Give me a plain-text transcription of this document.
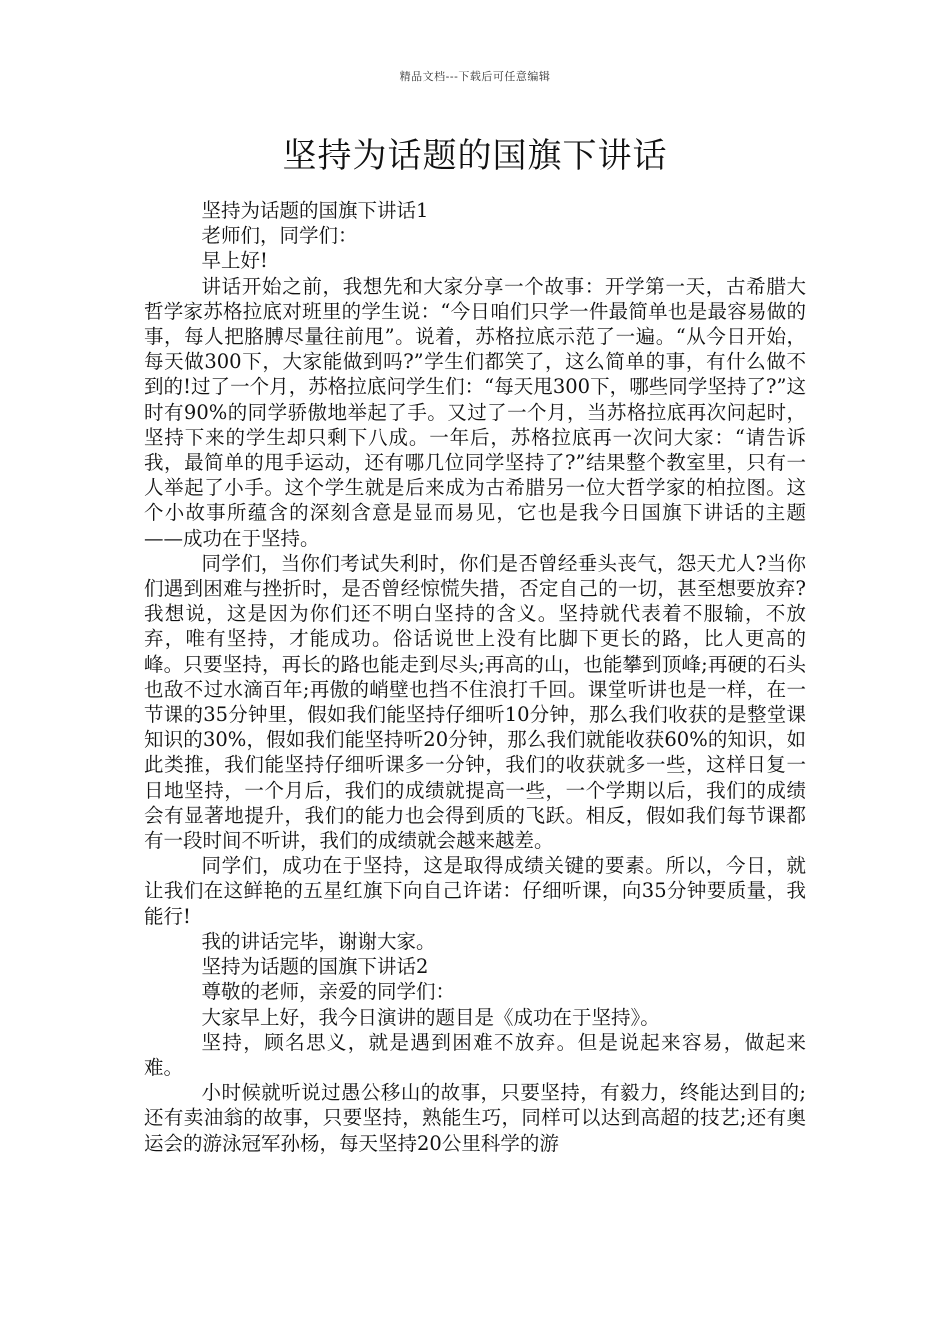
精品文档---下载后可任意编辑
坚持为话题的国旗下讲话

坚持为话题的国旗下讲话1

老师们，同学们：

早上好!

讲话开始之前，我想先和大家分享一个故事：开学第一天，古希腊大哲学家苏格拉底对班里的学生说：“今日咱们只学一件最简单也是最容易做的事，每人把胳膊尽量往前甩”。说着，苏格拉底示范了一遍。“从今日开始，每天做300下，大家能做到吗?”学生们都笑了，这么简单的事，有什么做不到的!过了一个月，苏格拉底问学生们：“每天甩300下，哪些同学坚持了?”这时有90%的同学骄傲地举起了手。又过了一个月，当苏格拉底再次问起时，坚持下来的学生却只剩下八成。一年后，苏格拉底再一次问大家：“请告诉我，最简单的甩手运动，还有哪几位同学坚持了?”结果整个教室里，只有一人举起了小手。这个学生就是后来成为古希腊另一位大哲学家的柏拉图。这个小故事所蕴含的深刻含意是显而易见，它也是我今日国旗下讲话的主题——成功在于坚持。

同学们，当你们考试失利时，你们是否曾经垂头丧气，怨天尤人?当你们遇到困难与挫折时，是否曾经惊慌失措，否定自己的一切，甚至想要放弃?我想说，这是因为你们还不明白坚持的含义。坚持就代表着不服输，不放弃，唯有坚持，才能成功。俗话说世上没有比脚下更长的路，比人更高的峰。只要坚持，再长的路也能走到尽头;再高的山，也能攀到顶峰;再硬的石头也敌不过水滴百年;再傲的峭壁也挡不住浪打千回。课堂听讲也是一样，在一节课的35分钟里，假如我们能坚持仔细听10分钟，那么我们收获的是整堂课知识的30%，假如我们能坚持听20分钟，那么我们就能收获60%的知识，如此类推，我们能坚持仔细听课多一分钟，我们的收获就多一些，这样日复一日地坚持，一个月后，我们的成绩就提高一些，一个学期以后，我们的成绩会有显著地提升，我们的能力也会得到质的飞跃。相反，假如我们每节课都有一段时间不听讲，我们的成绩就会越来越差。

同学们，成功在于坚持，这是取得成绩关键的要素。所以，今日，就让我们在这鲜艳的五星红旗下向自己许诺：仔细听课，向35分钟要质量，我能行!

我的讲话完毕，谢谢大家。

坚持为话题的国旗下讲话2

尊敬的老师，亲爱的同学们：

大家早上好，我今日演讲的题目是《成功在于坚持》。

坚持，顾名思义，就是遇到困难不放弃。但是说起来容易，做起来难。

小时候就听说过愚公移山的故事，只要坚持，有毅力，终能达到目的;还有卖油翁的故事，只要坚持，熟能生巧，同样可以达到高超的技艺;还有奥运会的游泳冠军孙杨，每天坚持20公里科学的游
